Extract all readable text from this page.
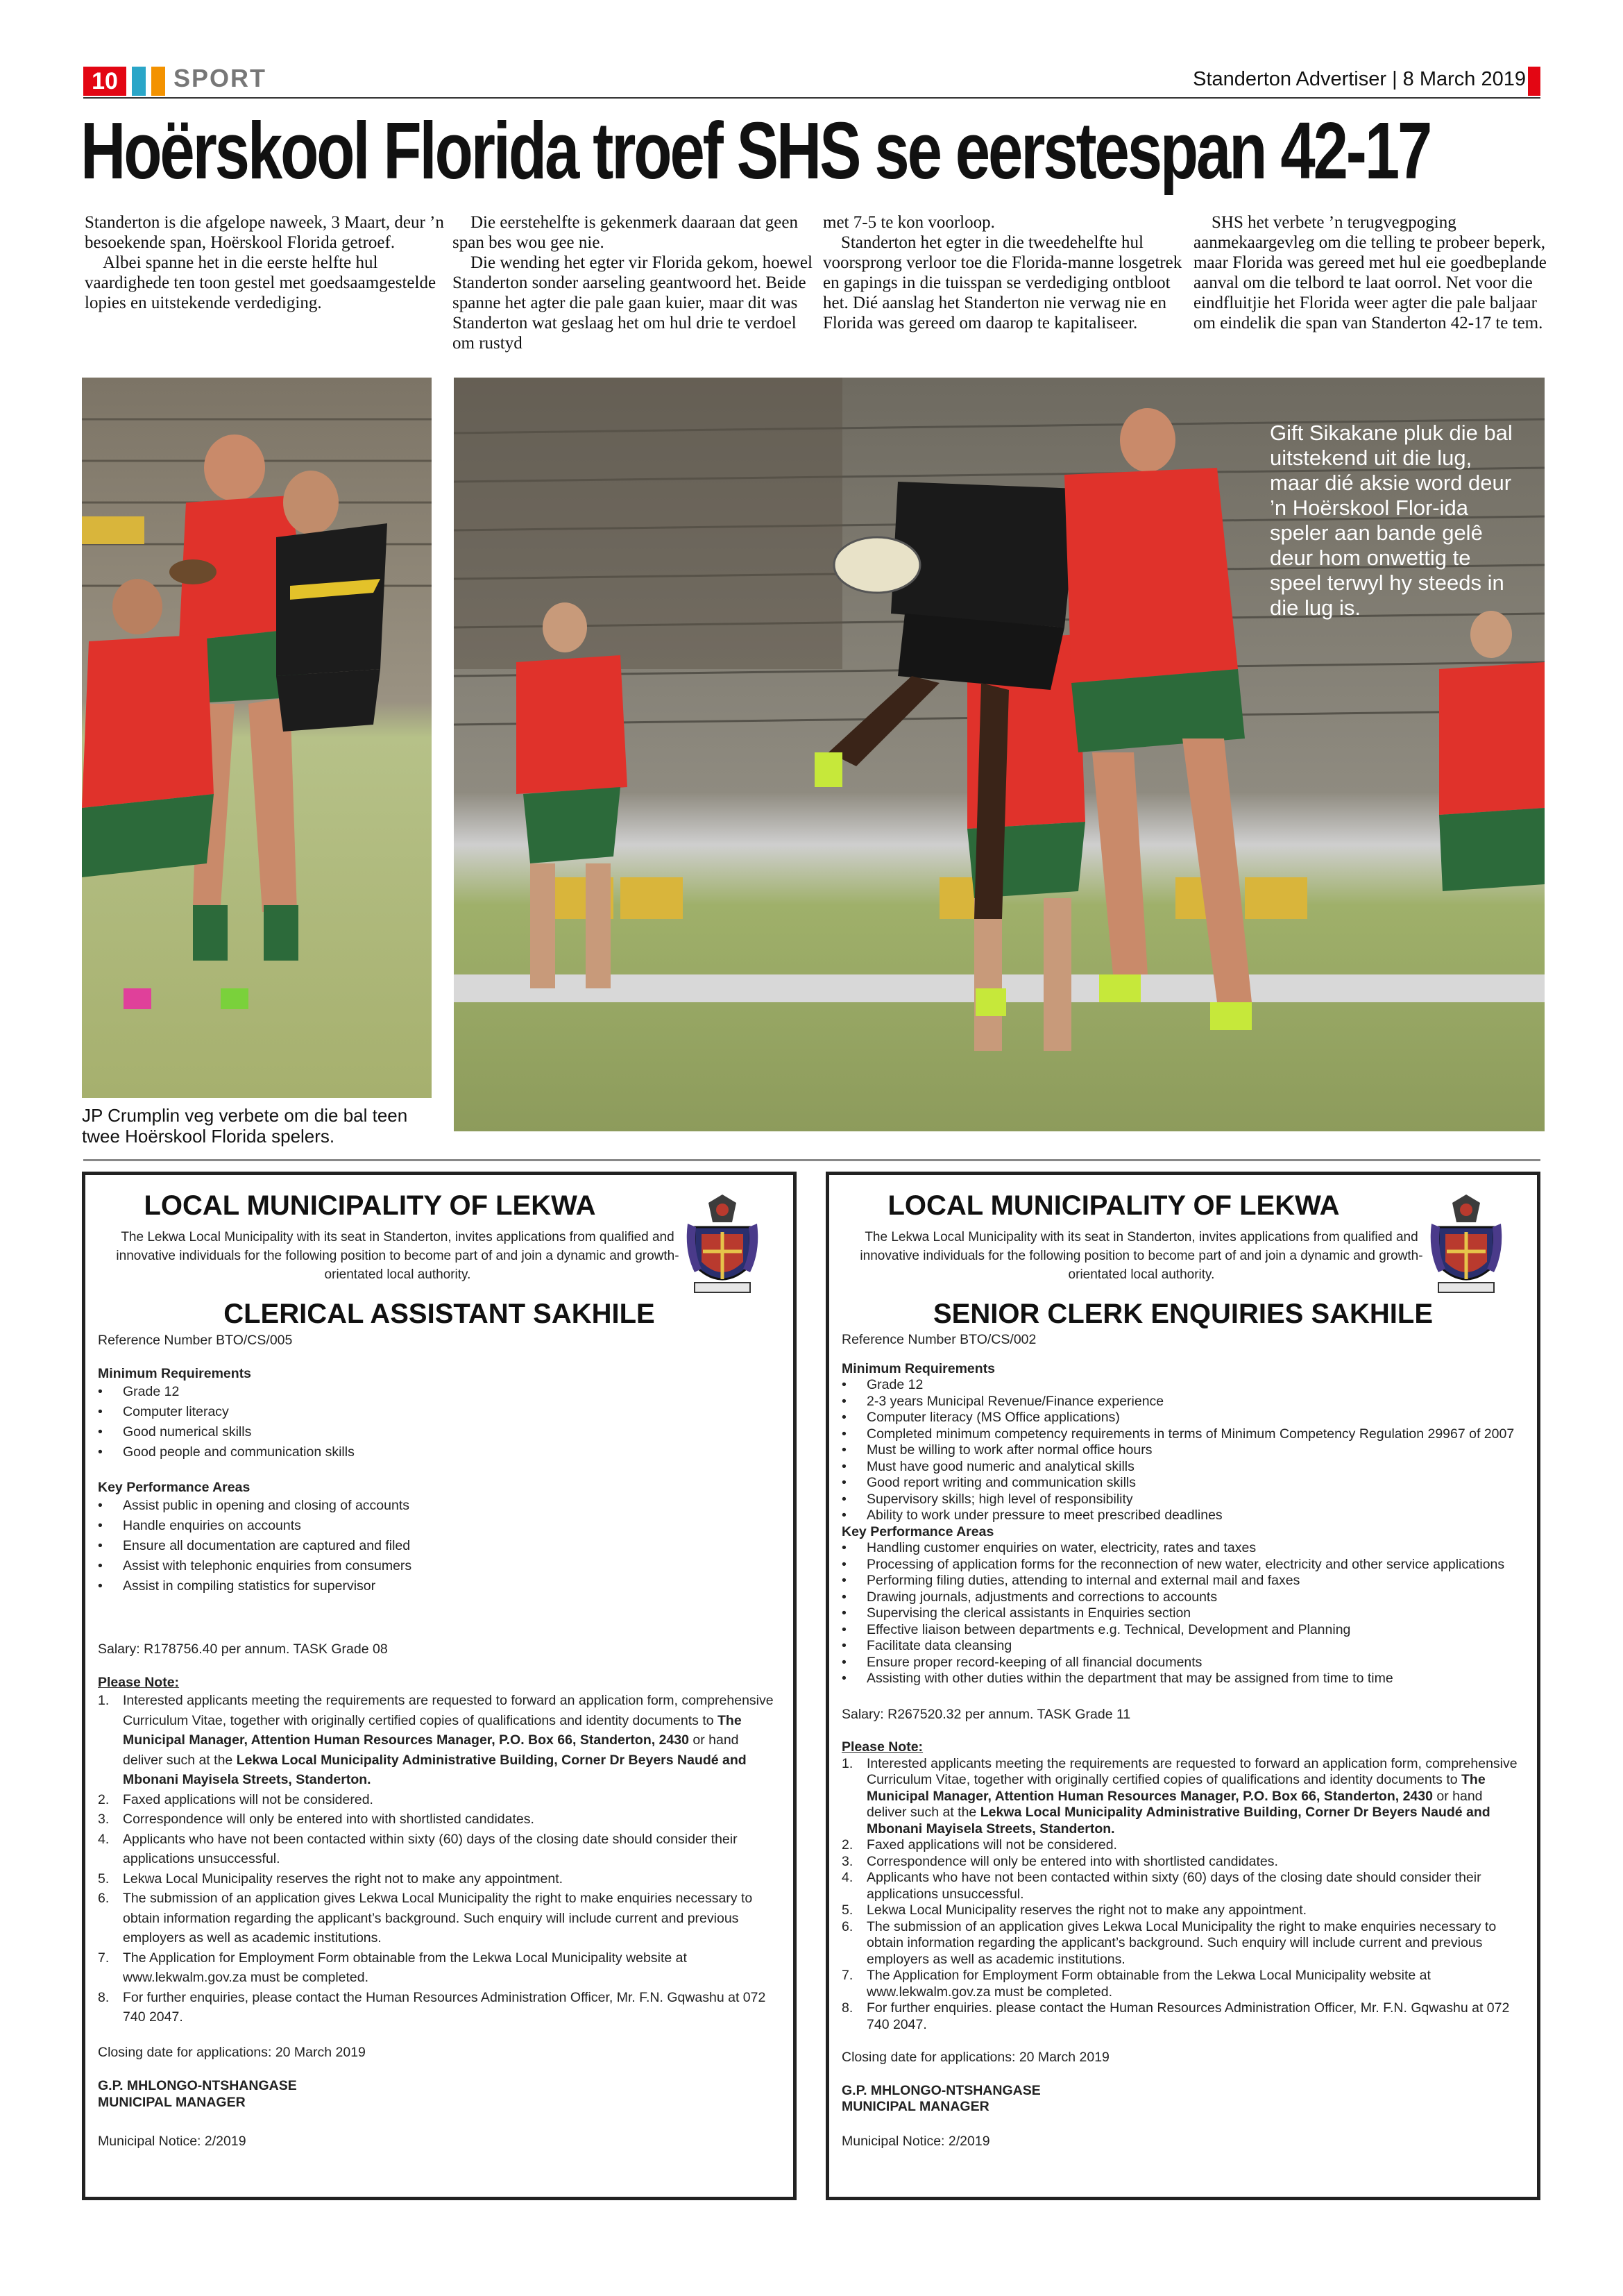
10	SPORT	Standerton Advertiser | 8 March 2019
Hoërskool Florida troef SHS se eerstespan 42-17

Standerton is die afgelope naweek, 3 Maart, deur ’n besoekende span, Hoërskool Florida getroef.

Albei spanne het in die eerste helfte hul vaardighede ten toon gestel met goedsaamgestelde lopies en uitstekende verdediging.

Die eerstehelfte is gekenmerk daaraan dat geen span bes wou gee nie.

Die wending het egter vir Florida gekom, hoewel Standerton sonder aarseling geantwoord het. Beide spanne het agter die pale gaan kuier, maar dit was Standerton wat geslaag het om hul drie te verdoel om rustyd

met 7-5 te kon voorloop.

Standerton het egter in die tweedehelfte hul voorsprong verloor toe die Florida-manne losgetrek en gapings in die tuisspan se verdediging ontbloot het. Dié aanslag het Standerton nie verwag nie en Florida was gereed om daarop te kapitaliseer.

SHS het verbete ’n terugvegpoging aanmekaargevleg om die telling te probeer beperk, maar Florida was gereed met hul eie goedbeplande aanval om die telbord te laat oorrol. Net voor die eindfluitjie het Florida weer agter die pale baljaar om eindelik die span van Standerton 42-17 te tem.

Gift Sikakane pluk die bal uitstekend uit die lug, maar dié aksie word deur ’n Hoërskool Flor-ida speler aan bande gelê deur hom onwettig te speel terwyl hy steeds in die lug is.
JP Crumplin veg verbete om die bal teen twee Hoërskool Florida spelers.
LOCAL MUNICIPALITY OF LEKWA
The Lekwa Local Municipality with its seat in Standerton, invites applications from qualified and innovative individuals for the following position to become part of and join a dynamic and growth-orientated local authority.
CLERICAL ASSISTANT SAKHILE
Reference Number BTO/CS/005
Minimum Requirements
• Grade 12
• Computer literacy
• Good numerical skills
• Good people and communication skills
Key Performance Areas
• Assist public in opening and closing of accounts
• Handle enquiries on accounts
• Ensure all documentation are captured and filed
• Assist with telephonic enquiries from consumers
• Assist in compiling statistics for supervisor
Salary: R178756.40 per annum. TASK Grade 08
Please Note:
1. Interested applicants meeting the requirements are requested to forward an application form, comprehensive Curriculum Vitae, together with originally certified copies of qualifications and identity documents to The Municipal Manager, Attention Human Resources Manager, P.O. Box 66, Standerton, 2430 or hand deliver such at the Lekwa Local Municipality Administrative Building, Corner Dr Beyers Naudé and Mbonani Mayisela Streets, Standerton.
2. Faxed applications will not be considered.
3. Correspondence will only be entered into with shortlisted candidates.
4. Applicants who have not been contacted within sixty (60) days of the closing date should consider their applications unsuccessful.
5. Lekwa Local Municipality reserves the right not to make any appointment.
6. The submission of an application gives Lekwa Local Municipality the right to make enquiries necessary to obtain information regarding the applicant’s background. Such enquiry will include current and previous employers as well as academic institutions.
7. The Application for Employment Form obtainable from the Lekwa Local Municipality website at www.lekwalm.gov.za must be completed.
8. For further enquiries, please contact the Human Resources Administration Officer, Mr. F.N. Gqwashu at 072 740 2047.
Closing date for applications: 20 March 2019
G.P. MHLONGO-NTSHANGASE
MUNICIPAL MANAGER
Municipal Notice: 2/2019
LOCAL MUNICIPALITY OF LEKWA
The Lekwa Local Municipality with its seat in Standerton, invites applications from qualified and innovative individuals for the following position to become part of and join a dynamic and growth-orientated local authority.
SENIOR CLERK ENQUIRIES SAKHILE
Reference Number BTO/CS/002
Minimum Requirements
• Grade 12
• 2-3 years Municipal Revenue/Finance experience
• Computer literacy (MS Office applications)
• Completed minimum competency requirements in terms of Minimum Competency Regulation 29967 of 2007
• Must be willing to work after normal office hours
• Must have good numeric and analytical skills
• Good report writing and communication skills
• Supervisory skills; high level of responsibility
• Ability to work under pressure to meet prescribed deadlines
Key Performance Areas
• Handling customer enquiries on water, electricity, rates and taxes
• Processing of application forms for the reconnection of new water, electricity and other service applications
• Performing filing duties, attending to internal and external mail and faxes
• Drawing journals, adjustments and corrections to accounts
• Supervising the clerical assistants in Enquiries section
• Effective liaison between departments e.g. Technical, Development and Planning
• Facilitate data cleansing
• Ensure proper record-keeping of all financial documents
• Assisting with other duties within the department that may be assigned from time to time
Salary: R267520.32 per annum. TASK Grade 11
Please Note:
1. Interested applicants meeting the requirements are requested to forward an application form, comprehensive Curriculum Vitae, together with originally certified copies of qualifications and identity documents to The Municipal Manager, Attention Human Resources Manager, P.O. Box 66, Standerton, 2430 or hand deliver such at the Lekwa Local Municipality Administrative Building, Corner Dr Beyers Naudé and Mbonani Mayisela Streets, Standerton.
2. Faxed applications will not be considered.
3. Correspondence will only be entered into with shortlisted candidates.
4. Applicants who have not been contacted within sixty (60) days of the closing date should consider their applications unsuccessful.
5. Lekwa Local Municipality reserves the right not to make any appointment.
6. The submission of an application gives Lekwa Local Municipality the right to make enquiries necessary to obtain information regarding the applicant’s background. Such enquiry will include current and previous employers as well as academic institutions.
7. The Application for Employment Form obtainable from the Lekwa Local Municipality website at www.lekwalm.gov.za must be completed.
8. For further enquiries. please contact the Human Resources Administration Officer, Mr. F.N. Gqwashu at 072 740 2047.
Closing date for applications: 20 March 2019
G.P. MHLONGO-NTSHANGASE
MUNICIPAL MANAGER
Municipal Notice: 2/2019
